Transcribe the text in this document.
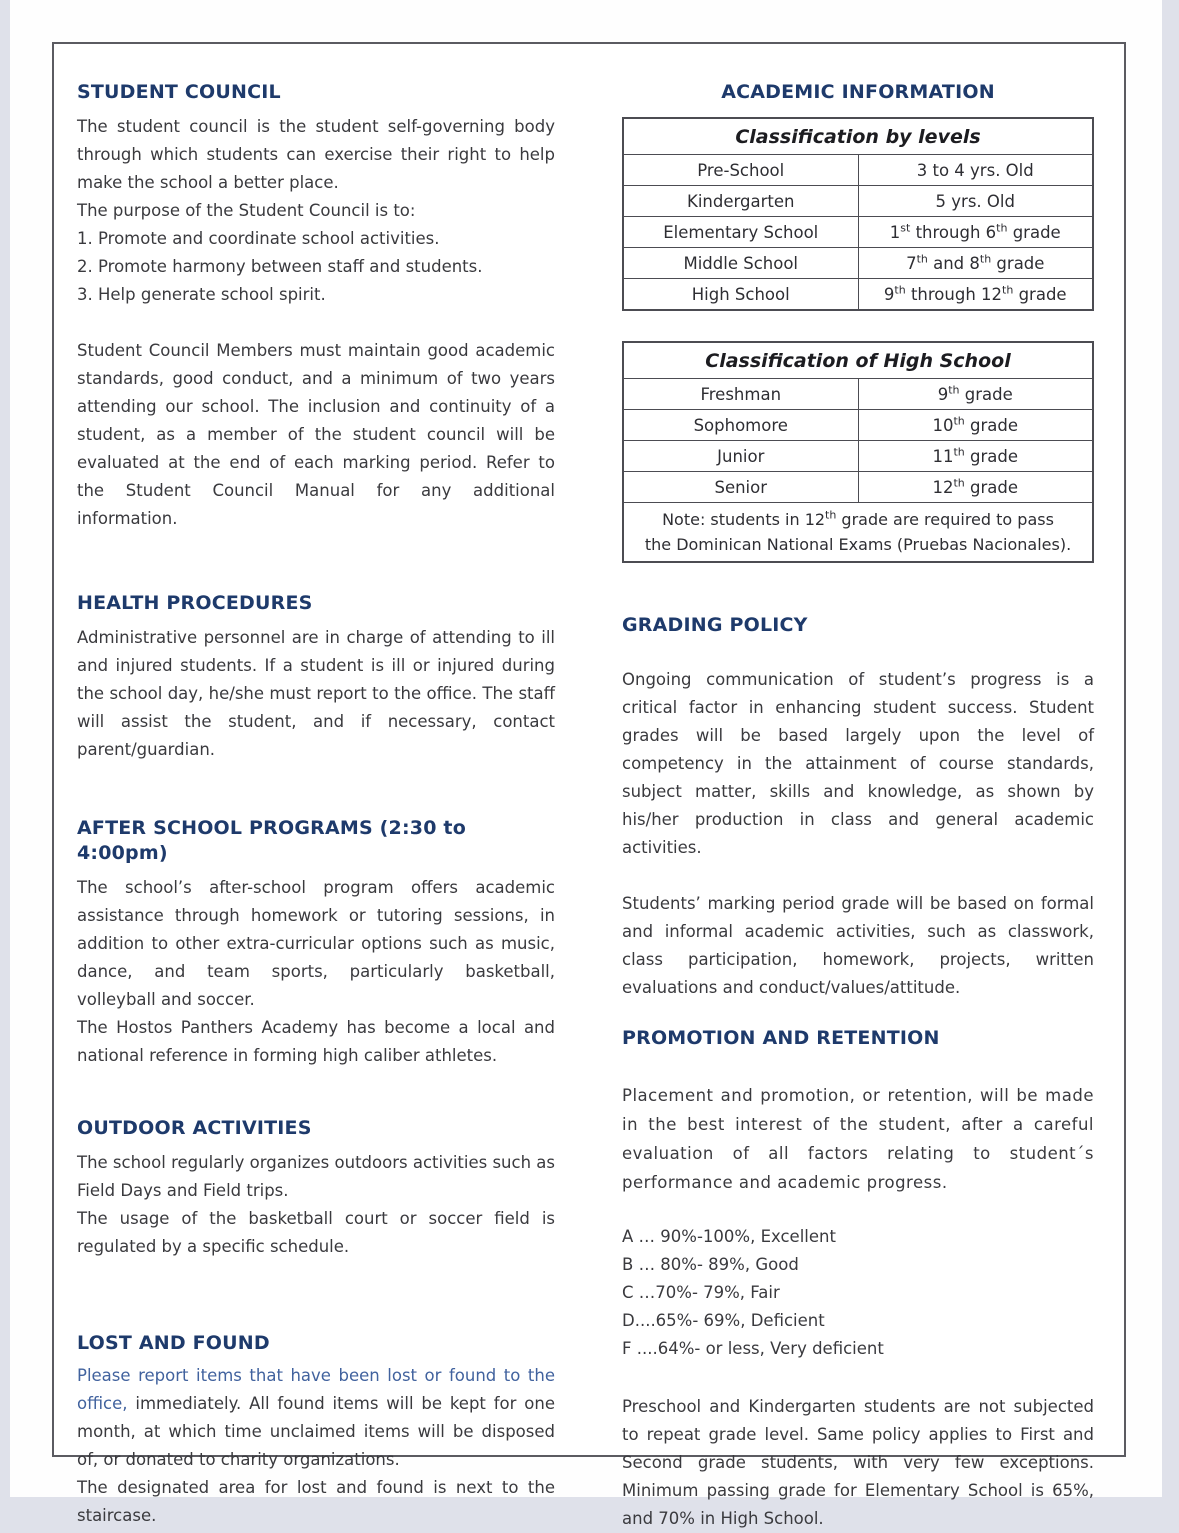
STUDENT COUNCIL

The student council is the student self-governing body through which students can exercise their right to help make the school a better place.

The purpose of the Student Council is to:

1. Promote and coordinate school activities.
2. Promote harmony between staff and students.
3. Help generate school spirit.

Student Council Members must maintain good academic standards, good conduct, and a minimum of two years attending our school. The inclusion and continuity of a student, as a member of the student council will be evaluated at the end of each marking period. Refer to the Student Council Manual for any additional information.

HEALTH PROCEDURES

Administrative personnel are in charge of attending to ill and injured students. If a student is ill or injured during the school day, he/she must report to the office. The staff will assist the student, and if necessary, contact parent/guardian.

AFTER SCHOOL PROGRAMS (2:30 to 4:00pm)

The school’s after-school program offers academic assistance through homework or tutoring sessions, in addition to other extra-curricular options such as music, dance, and team sports, particularly basketball, volleyball and soccer.

The Hostos Panthers Academy has become a local and national reference in forming high caliber athletes.

OUTDOOR ACTIVITIES

The school regularly organizes outdoors activities such as Field Days and Field trips.

The usage of the basketball court or soccer field is regulated by a specific schedule.

LOST AND FOUND

Please report items that have been lost or found to the office, immediately. All found items will be kept for one month, at which time unclaimed items will be disposed of, or donated to charity organizations.

The designated area for lost and found is next to the staircase.

ACADEMIC INFORMATION
Classification by levels	
Pre-School	3 to 4 yrs. Old
Kindergarten	5 yrs. Old
Elementary School	1st through 6th grade
Middle School	7th and 8th grade
High School	9th through 12th grade
Classification of High School	
Freshman	9th grade
Sophomore	10th grade
Junior	11th grade
Senior	12th grade
Note: students in 12th grade are required to pass
the Dominican National Exams (Pruebas Nacionales).	
GRADING POLICY

Ongoing communication of student’s progress is a critical factor in enhancing student success. Student grades will be based largely upon the level of competency in the attainment of course standards, subject matter, skills and knowledge, as shown by his/her production in class and general academic activities.

Students’ marking period grade will be based on formal and informal academic activities, such as classwork, class participation, homework, projects, written evaluations and conduct/values/attitude.

PROMOTION AND RETENTION

Placement and promotion, or retention, will be made in the best interest of the student, after a careful evaluation of all factors relating to student´s performance and academic progress.

A … 90%-100%, Excellent
B … 80%- 89%, Good
C …70%- 79%, Fair
D....65%- 69%, Deficient
F ....64%- or less, Very deficient

Preschool and Kindergarten students are not subjected to repeat grade level. Same policy applies to First and Second grade students, with very few exceptions. Minimum passing grade for Elementary School is 65%, and 70% in High School.
